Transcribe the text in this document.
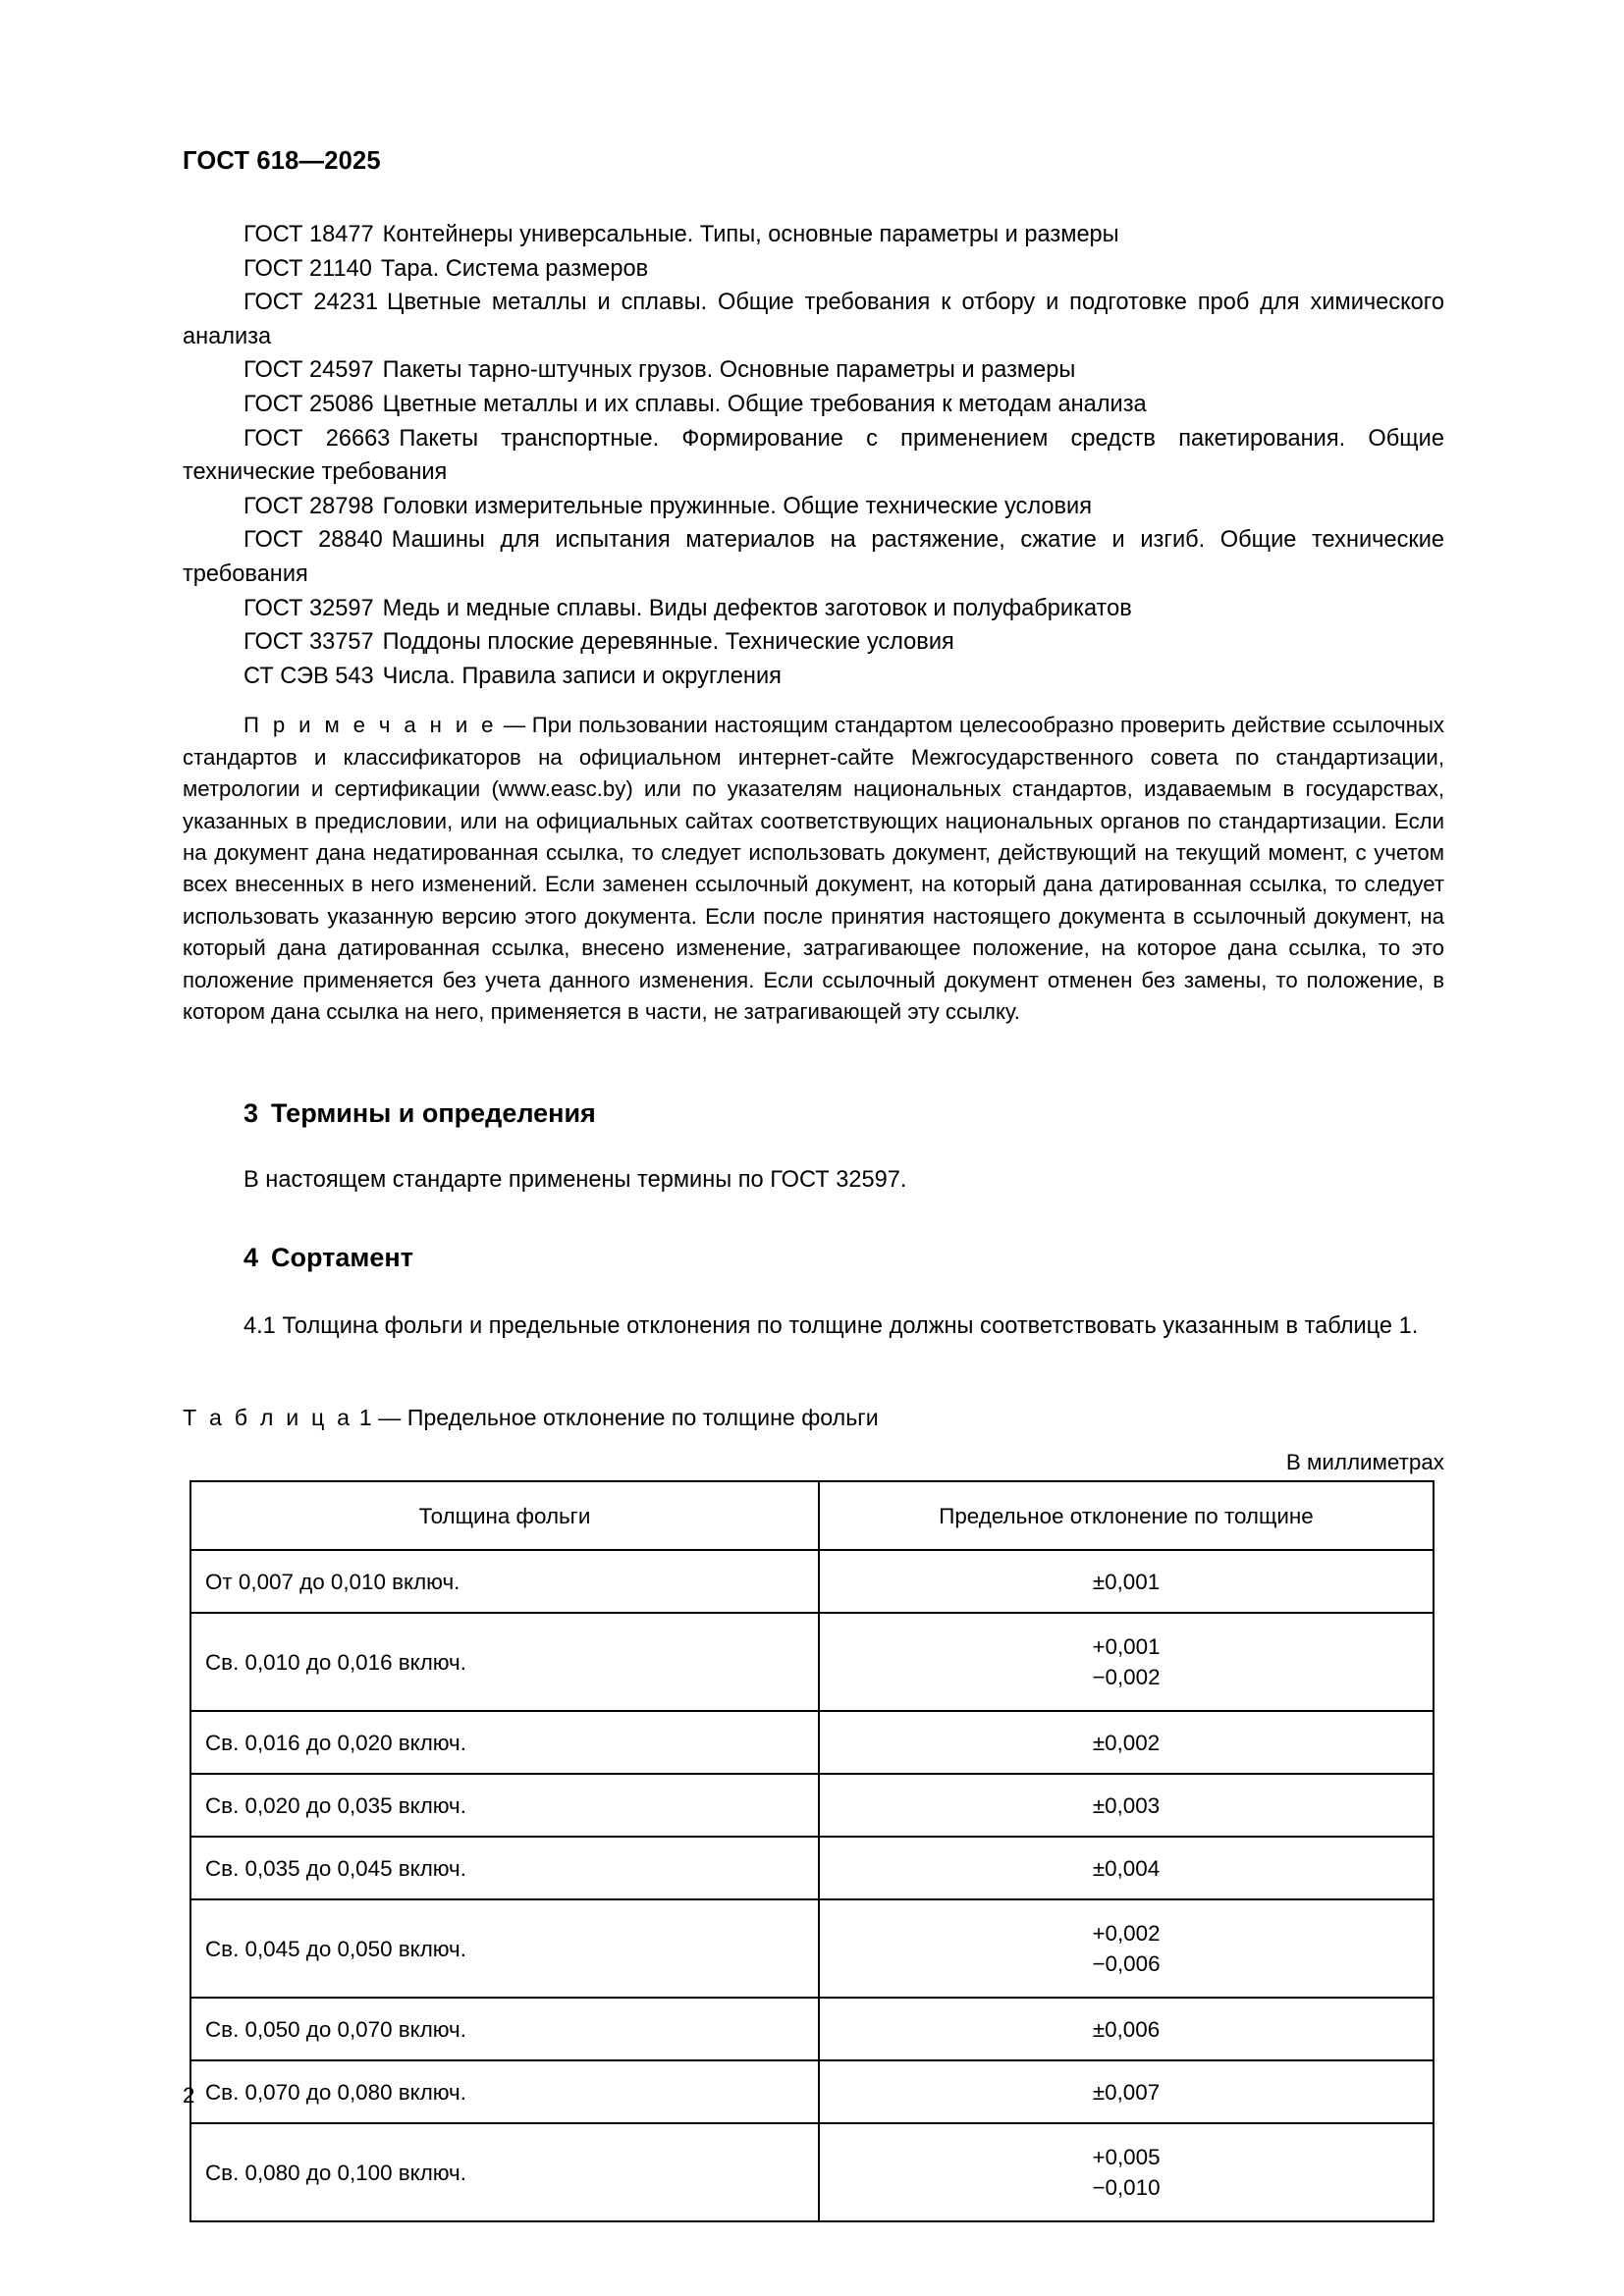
ГОСТ 618—2025

ГОСТ 18477 Контейнеры универсальные. Типы, основные параметры и размеры

ГОСТ 21140 Тара. Система размеров

ГОСТ 24231 Цветные металлы и сплавы. Общие требования к отбору и подготовке проб для химического анализа

ГОСТ 24597 Пакеты тарно-штучных грузов. Основные параметры и размеры

ГОСТ 25086 Цветные металлы и их сплавы. Общие требования к методам анализа

ГОСТ 26663 Пакеты транспортные. Формирование с применением средств пакетирования. Общие технические требования

ГОСТ 28798 Головки измерительные пружинные. Общие технические условия

ГОСТ 28840 Машины для испытания материалов на растяжение, сжатие и изгиб. Общие технические требования

ГОСТ 32597 Медь и медные сплавы. Виды дефектов заготовок и полуфабрикатов

ГОСТ 33757 Поддоны плоские деревянные. Технические условия

СТ СЭВ 543 Числа. Правила записи и округления

П р и м е ч а н и е — При пользовании настоящим стандартом целесообразно проверить действие ссылочных стандартов и классификаторов на официальном интернет-сайте Межгосударственного совета по стандартизации, метрологии и сертификации (www.easc.by) или по указателям национальных стандартов, издаваемым в государствах, указанных в предисловии, или на официальных сайтах соответствующих национальных органов по стандартизации. Если на документ дана недатированная ссылка, то следует использовать документ, действующий на текущий момент, с учетом всех внесенных в него изменений. Если заменен ссылочный документ, на который дана датированная ссылка, то следует использовать указанную версию этого документа. Если после принятия настоящего документа в ссылочный документ, на который дана датированная ссылка, внесено изменение, затрагивающее положение, на которое дана ссылка, то это положение применяется без учета данного изменения. Если ссылочный документ отменен без замены, то положение, в котором дана ссылка на него, применяется в части, не затрагивающей эту ссылку.

3 Термины и определения

В настоящем стандарте применены термины по ГОСТ 32597.

4 Сортамент

4.1 Толщина фольги и предельные отклонения по толщине должны соответствовать указанным в таблице 1.

Т а б л и ц а 1 — Предельное отклонение по толщине фольги
В миллиметрах
Толщина фольги	Предельное отклонение по толщине
От 0,007 до 0,010 включ.	±0,001
Св. 0,010 до 0,016 включ.	+0,001
−0,002

Св. 0,016 до 0,020 включ.	±0,002
Св. 0,020 до 0,035 включ.	±0,003
Св. 0,035 до 0,045 включ.	±0,004
Св. 0,045 до 0,050 включ.	+0,002
−0,006

Св. 0,050 до 0,070 включ.	±0,006
Св. 0,070 до 0,080 включ.	±0,007
Св. 0,080 до 0,100 включ.	+0,005
−0,010
2
